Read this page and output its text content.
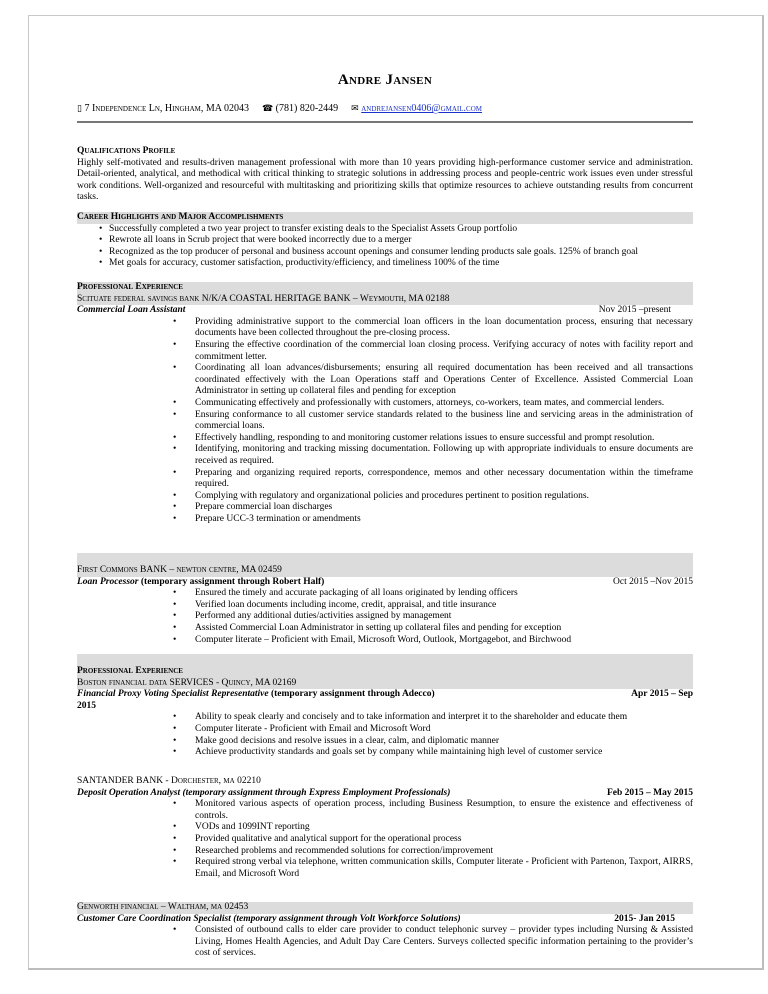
Andre Jansen
▯ 7 Independence Ln, Hingham, MA 02043 ☎ (781) 820-2449 ✉ andrejansen0406@gmail.com
Qualifications Profile
Highly self-motivated and results-driven management professional with more than 10 years providing high-performance customer service and administration. Detail-oriented, analytical, and methodical with critical thinking to strategic solutions in addressing process and people-centric work issues even under stressful work conditions. Well-organized and resourceful with multitasking and prioritizing skills that optimize resources to achieve outstanding results from concurrent tasks.
Career Highlights and Major Accomplishments
• Successfully completed a two year project to transfer existing deals to the Specialist Assets Group portfolio
• Rewrote all loans in Scrub project that were booked incorrectly due to a merger
• Recognized as the top producer of personal and business account openings and consumer lending products sale goals. 125% of branch goal
• Met goals for accuracy, customer satisfaction, productivity/efficiency, and timeliness 100% of the time
Professional Experience
Scituate federal savings bank N/K/A COASTAL HERITAGE BANK – Weymouth, MA 02188
Commercial Loan Assistant	Nov 2015 –present
• Providing administrative support to the commercial loan officers in the loan documentation process, ensuring that necessary documents have been collected throughout the pre-closing process.
• Ensuring the effective coordination of the commercial loan closing process. Verifying accuracy of notes with facility report and commitment letter.
• Coordinating all loan advances/disbursements; ensuring all required documentation has been received and all transactions coordinated effectively with the Loan Operations staff and Operations Center of Excellence. Assisted Commercial Loan Administrator in setting up collateral files and pending for exception
• Communicating effectively and professionally with customers, attorneys, co-workers, team mates, and commercial lenders.
• Ensuring conformance to all customer service standards related to the business line and servicing areas in the administration of commercial loans.
• Effectively handling, responding to and monitoring customer relations issues to ensure successful and prompt resolution.
• Identifying, monitoring and tracking missing documentation. Following up with appropriate individuals to ensure documents are received as required.
• Preparing and organizing required reports, correspondence, memos and other necessary documentation within the timeframe required.
• Complying with regulatory and organizational policies and procedures pertinent to position regulations.
• Prepare commercial loan discharges
• Prepare UCC-3 termination or amendments
First Commons BANK – newton centre, MA 02459
Loan Processor (temporary assignment through Robert Half)	Oct 2015 –Nov 2015
• Ensured the timely and accurate packaging of all loans originated by lending officers
• Verified loan documents including income, credit, appraisal, and title insurance
• Performed any additional duties/activities assigned by management
• Assisted Commercial Loan Administrator in setting up collateral files and pending for exception
• Computer literate – Proficient with Email, Microsoft Word, Outlook, Mortgagebot, and Birchwood
Professional Experience
Boston financial data SERVICES - Quincy, MA 02169
Financial Proxy Voting Specialist Representative (temporary assignment through Adecco)	Apr 2015 – Sep
2015
• Ability to speak clearly and concisely and to take information and interpret it to the shareholder and educate them
• Computer literate - Proficient with Email and Microsoft Word
• Make good decisions and resolve issues in a clear, calm, and diplomatic manner
• Achieve productivity standards and goals set by company while maintaining high level of customer service
SANTANDER BANK - Dorchester, ma 02210
Deposit Operation Analyst (temporary assignment through Express Employment Professionals)	Feb 2015 – May 2015
• Monitored various aspects of operation process, including Business Resumption, to ensure the existence and effectiveness of controls.
• VODs and 1099INT reporting
• Provided qualitative and analytical support for the operational process
• Researched problems and recommended solutions for correction/improvement
• Required strong verbal via telephone, written communication skills, Computer literate - Proficient with Partenon, Taxport, AIRRS, Email, and Microsoft Word
Genworth financial – Waltham, ma 02453
Customer Care Coordination Specialist (temporary assignment through Volt Workforce Solutions)	2015- Jan 2015
• Consisted of outbound calls to elder care provider to conduct telephonic survey – provider types including Nursing & Assisted Living, Homes Health Agencies, and Adult Day Care Centers. Surveys collected specific information pertaining to the provider’s cost of services.
